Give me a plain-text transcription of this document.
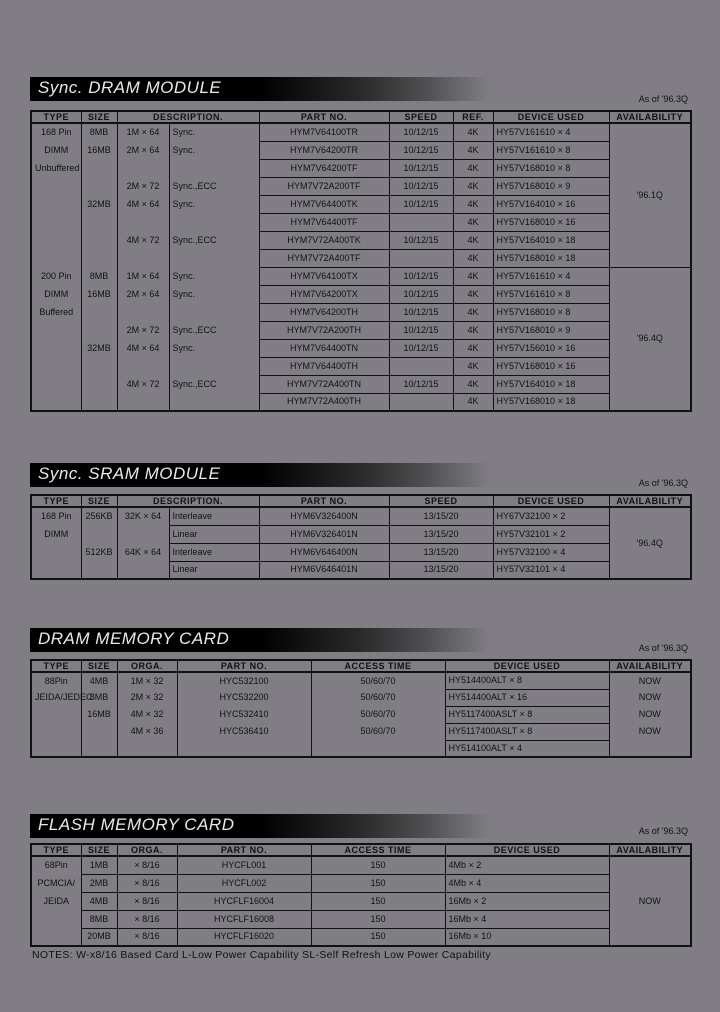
Sync. DRAM MODULE
As of '96.3Q
TYPE	SIZE	DESCRIPTION.		PART NO.	SPEED	REF.	DEVICE USED	AVAILABILITY
168 Pin	8MB	1M × 64	Sync.	HYM7V64100TR	10/12/15	4K	HY57V161610 × 4	'96.1Q
DIMM	16MB	2M × 64	Sync.	HYM7V64200TR	10/12/15	4K	HY57V161610 × 8	
Unbuffered				HYM7V64200TF	10/12/15	4K	HY57V168010 × 8	
		2M × 72	Sync.,ECC	HYM7V72A200TF	10/12/15	4K	HY57V168010 × 9	
	32MB	4M × 64	Sync.	HYM7V64400TK	10/12/15	4K	HY57V164010 × 16	
				HYM7V64400TF		4K	HY57V168010 × 16	
		4M × 72	Sync.,ECC	HYM7V72A400TK	10/12/15	4K	HY57V164010 × 18	
				HYM7V72A400TF		4K	HY57V168010 × 18	
200 Pin	8MB	1M × 64	Sync.	HYM7V64100TX	10/12/15	4K	HY57V161610 × 4	'96.4Q
DIMM	16MB	2M × 64	Sync.	HYM7V64200TX	10/12/15	4K	HY57V161610 × 8	
Buffered				HYM7V64200TH	10/12/15	4K	HY57V168010 × 8	
		2M × 72	Sync.,ECC	HYM7V72A200TH	10/12/15	4K	HY57V168010 × 9	
	32MB	4M × 64	Sync.	HYM7V64400TN	10/12/15	4K	HY57V156010 × 16	
				HYM7V64400TH		4K	HY57V168010 × 16	
		4M × 72	Sync.,ECC	HYM7V72A400TN	10/12/15	4K	HY57V164010 × 18	
				HYM7V72A400TH		4K	HY57V168010 × 18	
Sync. SRAM MODULE	As of '96.3Q
TYPE	SIZE	DESCRIPTION.		PART NO.	SPEED	DEVICE USED	AVAILABILITY
168 Pin	256KB	32K × 64	Interleave	HYM6V326400N	13/15/20	HY67V32100 × 2	'96.4Q
DIMM			Linear	HYM6V326401N	13/15/20	HY57V32101 × 2	
	512KB	64K × 64	Interleave	HYM6V646400N	13/15/20	HY57V32100 × 4	
			Linear	HYM6V646401N	13/15/20	HY57V32101 × 4	
DRAM MEMORY CARD	As of '96.3Q
TYPE	SIZE	ORGA.	PART NO.	ACCESS TIME	DEVICE USED	AVAILABILITY
88Pin	4MB	1M × 32	HYC532100	50/60/70	HY514400ALT × 8	NOW
JEIDA/JEDEC	8MB	2M × 32	HYC532200	50/60/70	HY514400ALT × 16	NOW
	16MB	4M × 32	HYC532410	50/60/70	HY5117400ASLT × 8	NOW
		4M × 36	HYC536410	50/60/70	HY5117400ASLT × 8	NOW
					HY514100ALT × 4	
FLASH MEMORY CARD	As of '96.3Q
TYPE	SIZE	ORGA.	PART NO.	ACCESS TIME	DEVICE USED	AVAILABILITY
68Pin	1MB	× 8/16	HYCFL001	150	4Mb × 2	NOW
PCMCIA/	2MB	× 8/16	HYCFL002	150	4Mb × 4	
JEIDA	4MB	× 8/16	HYCFLF16004	150	16Mb × 2	
	8MB	× 8/16	HYCFLF16008	150	16Mb × 4	
	20MB	× 8/16	HYCFLF16020	150	16Mb × 10	
NOTES: W-x8/16 Based Card L-Low Power Capability SL-Self Refresh Low Power Capability
